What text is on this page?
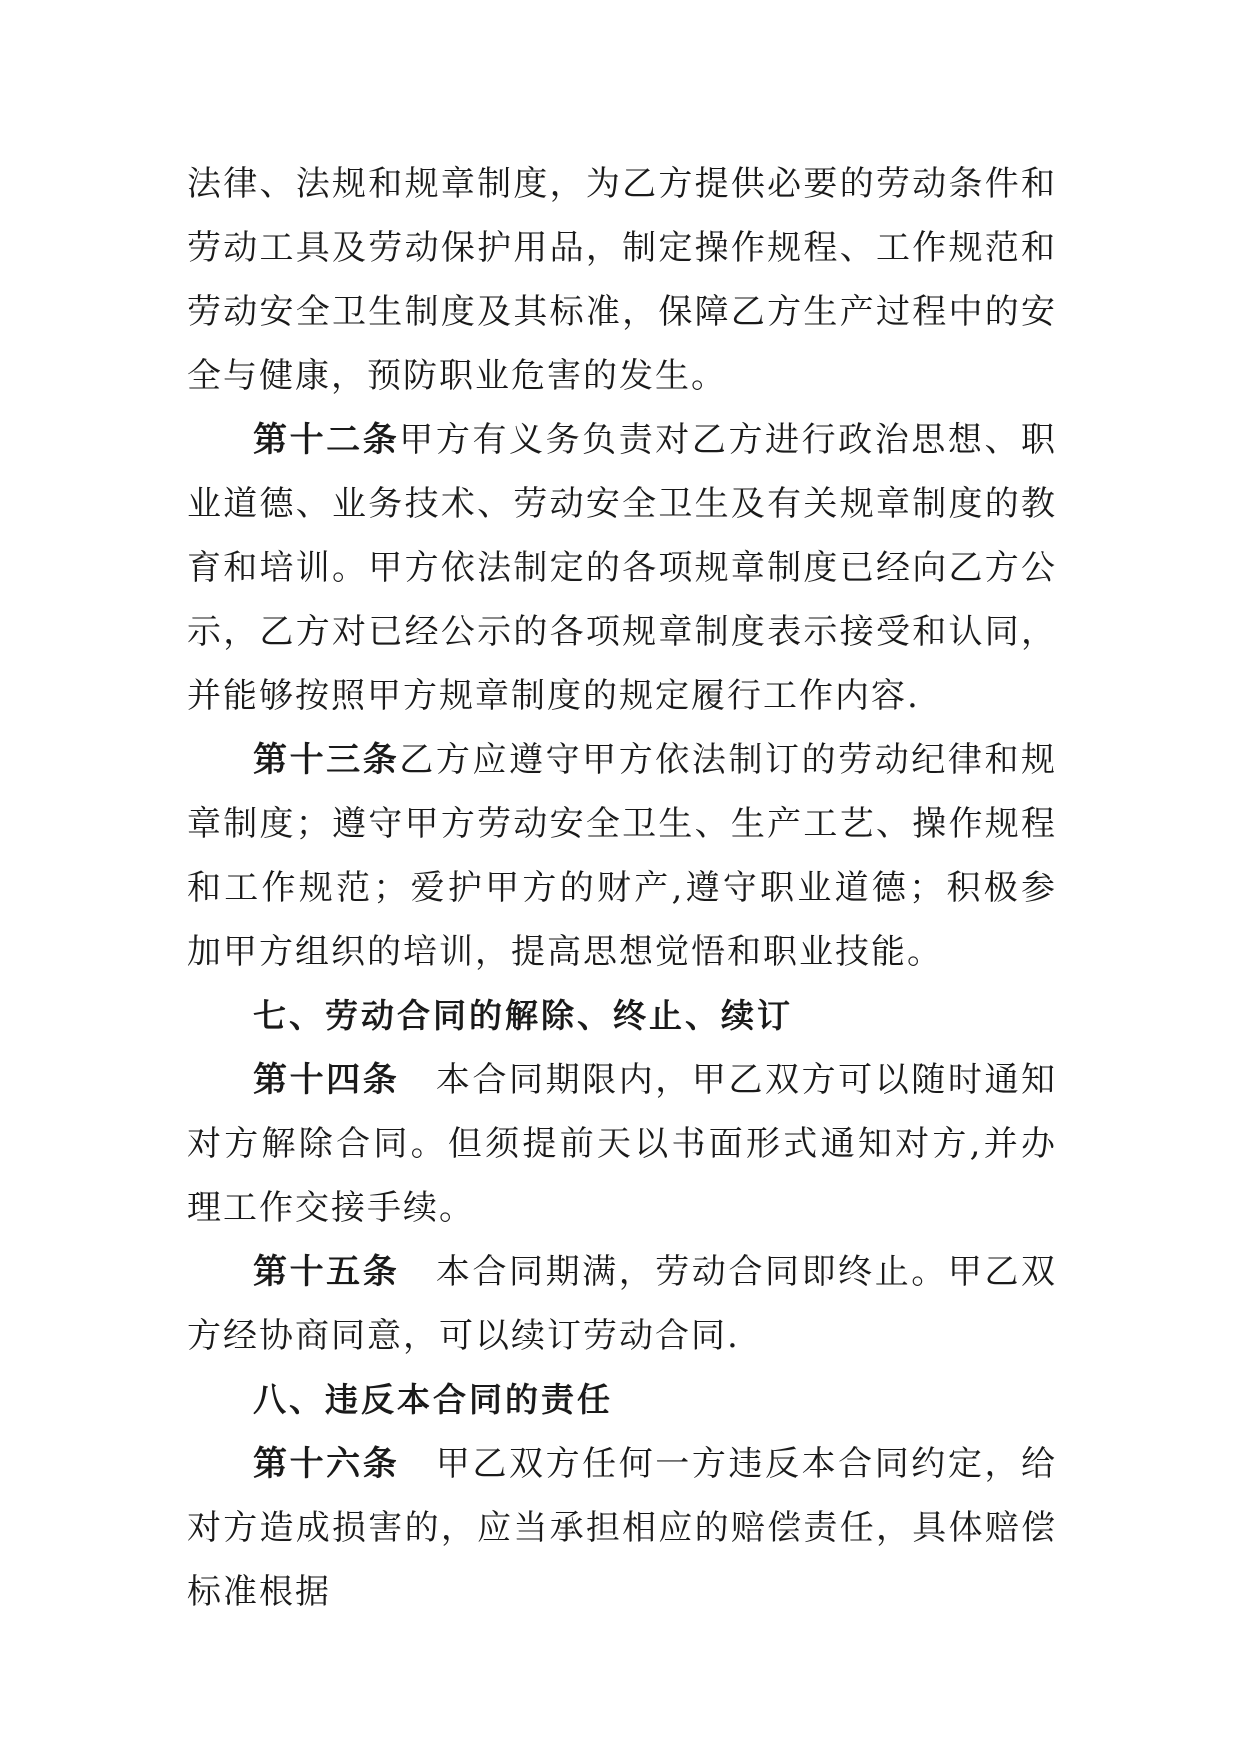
法律、法规和规章制度，为乙方提供必要的劳动条件和劳动工具及劳动保护用品，制定操作规程、工作规范和劳动安全卫生制度及其标准，保障乙方生产过程中的安全与健康，预防职业危害的发生。

第十二条甲方有义务负责对乙方进行政治思想、职业道德、业务技术、劳动安全卫生及有关规章制度的教育和培训。甲方依法制定的各项规章制度已经向乙方公示，乙方对已经公示的各项规章制度表示接受和认同，并能够按照甲方规章制度的规定履行工作内容.

第十三条乙方应遵守甲方依法制订的劳动纪律和规章制度；遵守甲方劳动安全卫生、生产工艺、操作规程和工作规范；爱护甲方的财产,遵守职业道德；积极参加甲方组织的培训，提高思想觉悟和职业技能。

七、劳动合同的解除、终止、续订

第十四条　本合同期限内，甲乙双方可以随时通知对方解除合同。但须提前天以书面形式通知对方,并办理工作交接手续。

第十五条　本合同期满，劳动合同即终止。甲乙双方经协商同意，可以续订劳动合同.

八、违反本合同的责任

第十六条　甲乙双方任何一方违反本合同约定，给对方造成损害的，应当承担相应的赔偿责任，具体赔偿标准根据
